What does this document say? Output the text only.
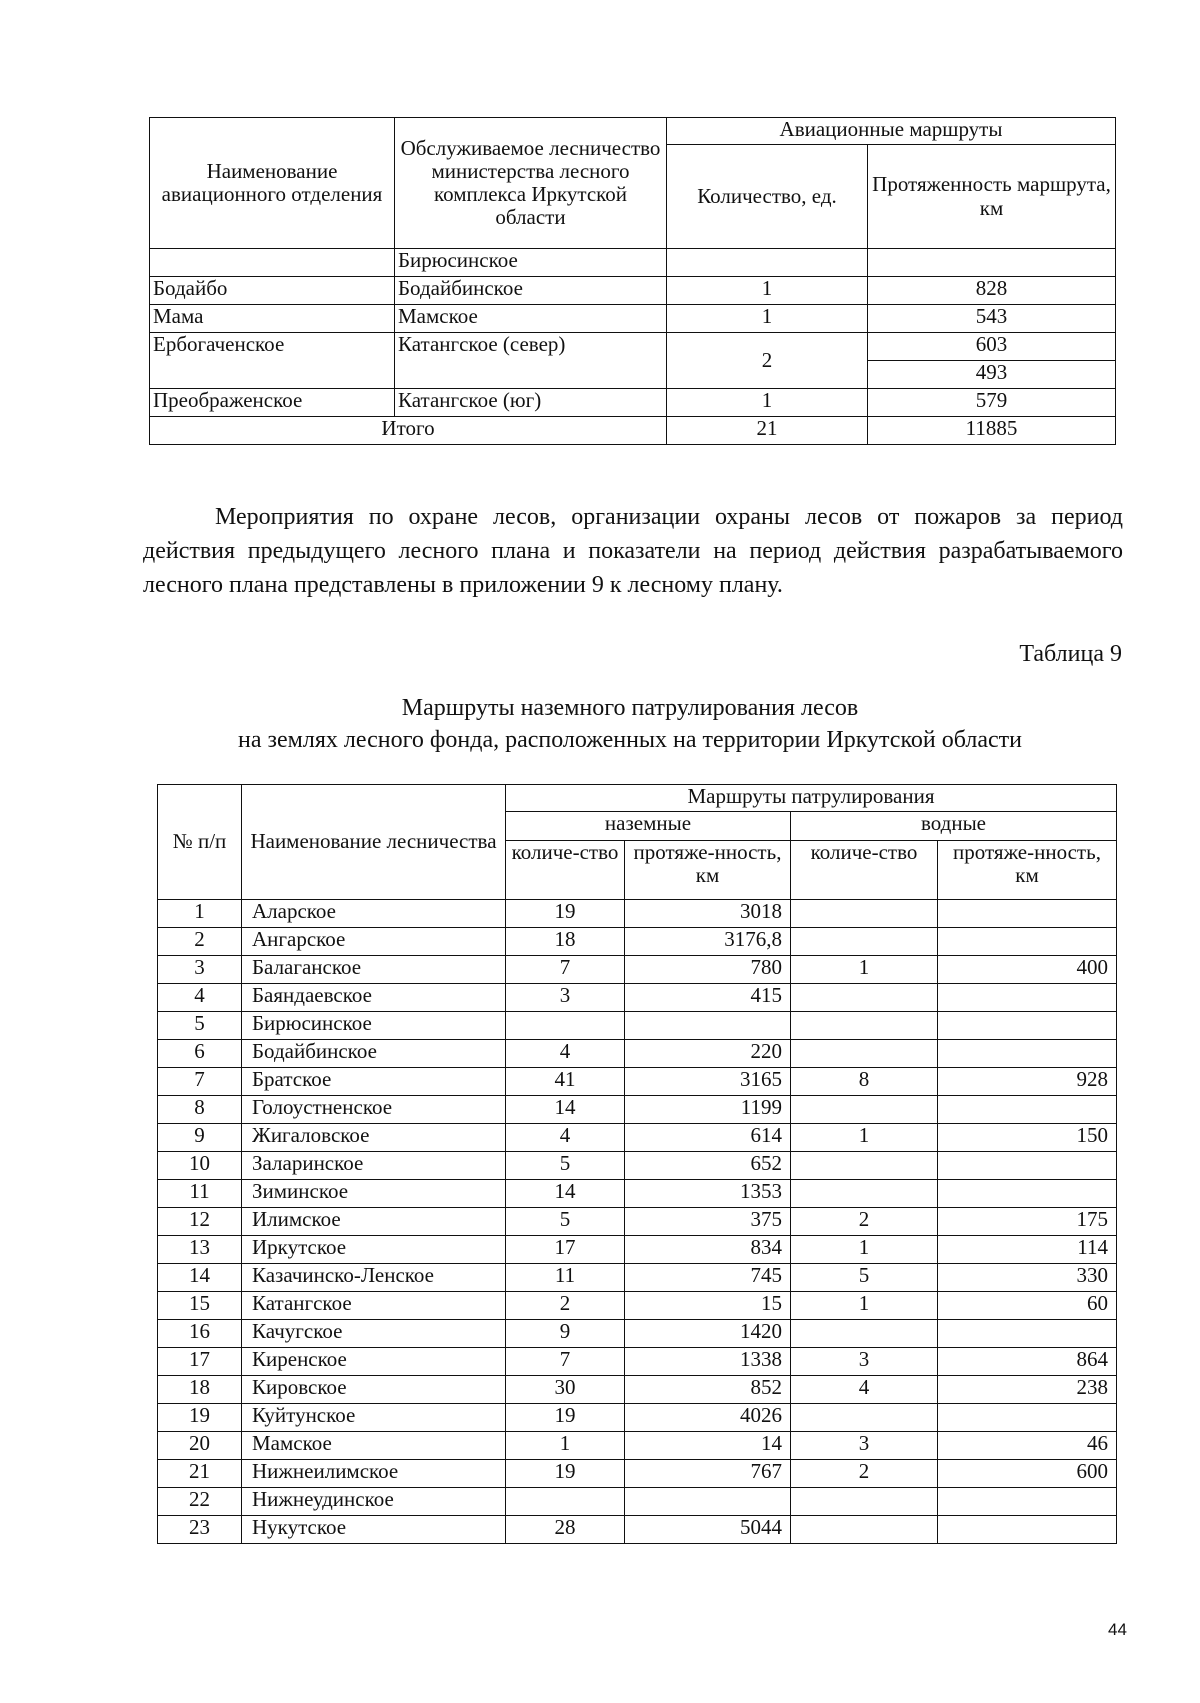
Наименование авиационного отделения	Обслуживаемое лесничество министерства лесного комплекса Иркутской области	Авиационные маршруты	
		Количество, ед.	Протяженность маршрута, км
	Бирюсинское		
Бодайбо	Бодайбинское	1	828
Мама	Мамское	1	543
Ербогаченское	Катангское (север)	2	603
			493
Преображенское	Катангское (юг)	1	579
Итого		21	11885
Мероприятия по охране лесов, организации охраны лесов от пожаров за период действия предыдущего лесного плана и показатели на период действия разрабатываемого лесного плана представлены в приложении 9 к лесному плану.
Таблица 9
Маршруты наземного патрулирования лесов
на землях лесного фонда, расположенных на территории Иркутской области
№ п/п	Наименование лесничества	Маршруты патрулирования			
		наземные		водные	
		количе-ство	протяже-нность, км	количе-ство	протяже-нность, км
1	Аларское	19	3018		
2	Ангарское	18	3176,8		
3	Балаганское	7	780	1	400
4	Баяндаевское	3	415		
5	Бирюсинское				
6	Бодайбинское	4	220		
7	Братское	41	3165	8	928
8	Голоустненское	14	1199		
9	Жигаловское	4	614	1	150
10	Заларинское	5	652		
11	Зиминское	14	1353		
12	Илимское	5	375	2	175
13	Иркутское	17	834	1	114
14	Казачинско-Ленское	11	745	5	330
15	Катангское	2	15	1	60
16	Качугское	9	1420		
17	Киренское	7	1338	3	864
18	Кировское	30	852	4	238
19	Куйтунское	19	4026		
20	Мамское	1	14	3	46
21	Нижнеилимское	19	767	2	600
22	Нижнеудинское				
23	Нукутское	28	5044		
44
